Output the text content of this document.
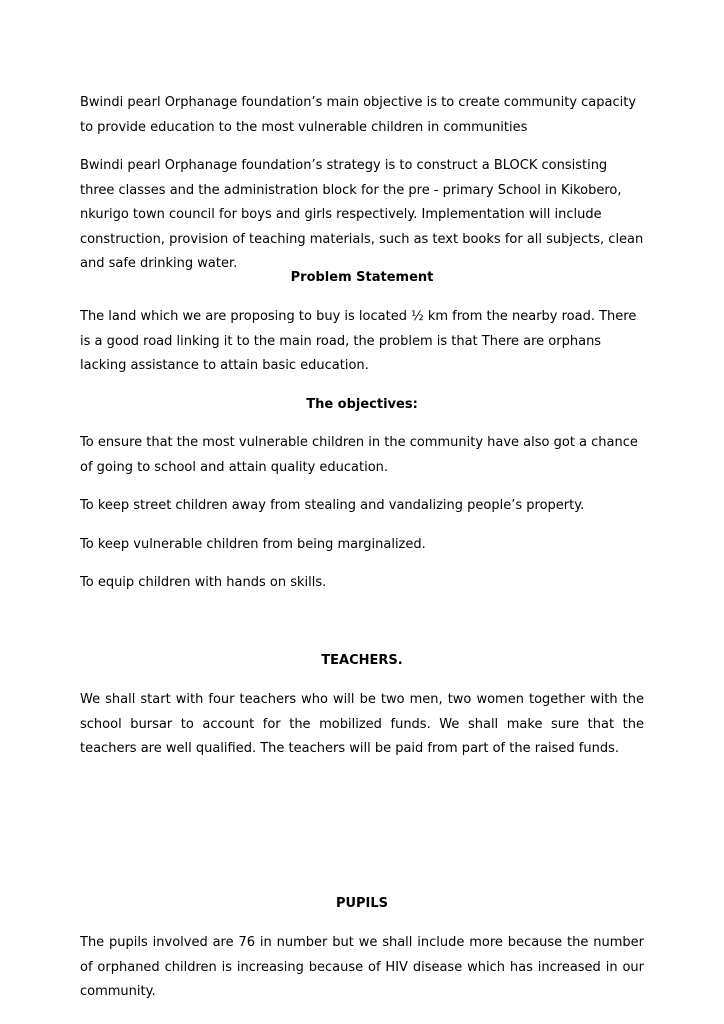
Bwindi pearl Orphanage foundation’s main objective is to create community capacity to provide education to the most vulnerable children in communities

Bwindi pearl Orphanage foundation’s strategy is to construct a BLOCK consisting three classes and the administration block for the pre - primary School in Kikobero, nkurigo town council for boys and girls respectively. Implementation will include construction, provision of teaching materials, such as text books for all subjects, clean and safe drinking water.

Problem Statement

The land which we are proposing to buy is located ½ km from the nearby road. There is a good road linking it to the main road, the problem is that There are orphans lacking assistance to attain basic education.

The objectives:

To ensure that the most vulnerable children in the community have also got a chance of going to school and attain quality education.

To keep street children away from stealing and vandalizing people’s property.

To keep vulnerable children from being marginalized.

To equip children with hands on skills.

TEACHERS.

We shall start with four teachers who will be two men, two women together with the school bursar to account for the mobilized funds. We shall make sure that the teachers are well qualified. The teachers will be paid from part of the raised funds.

PUPILS

The pupils involved are 76 in number but we shall include more because the number of orphaned children is increasing because of HIV disease which has increased in our community.
